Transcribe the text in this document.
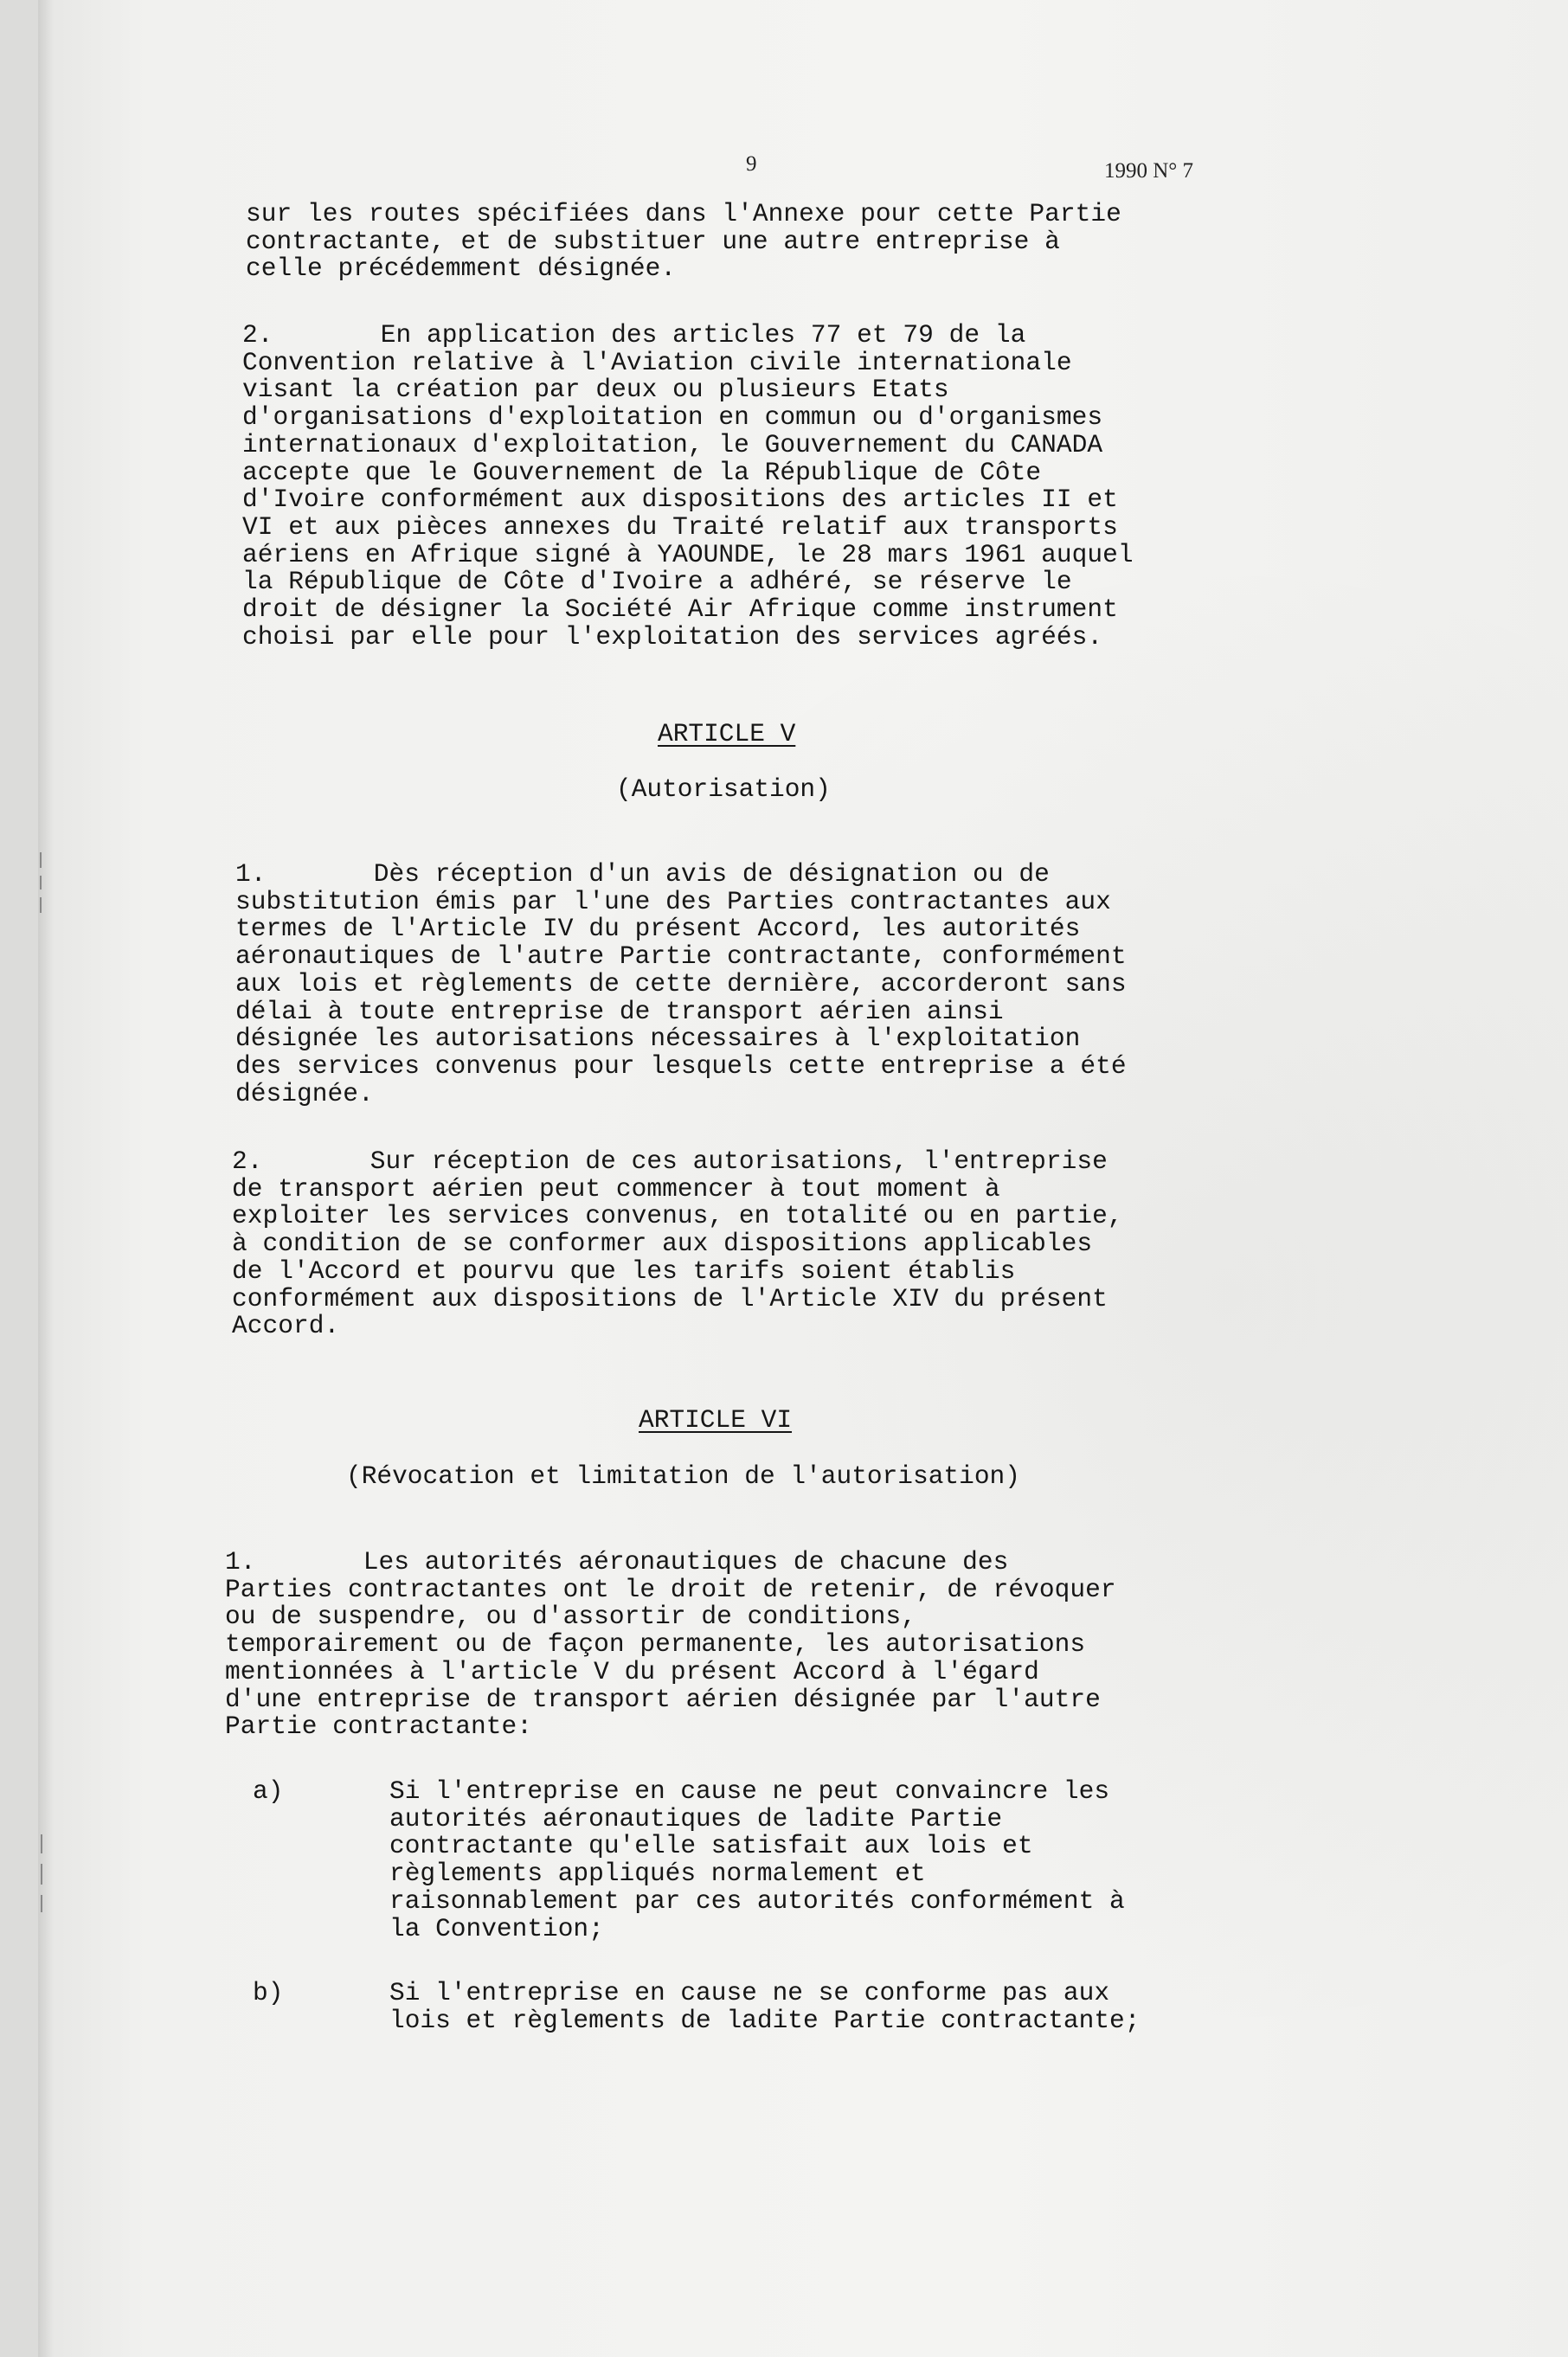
9	1990 N° 7
sur les routes spécifiées dans l'Annexe pour cette Partie
contractante, et de substituer une autre entreprise à
celle précédemment désignée.
2.       En application des articles 77 et 79 de la
Convention relative à l'Aviation civile internationale
visant la création par deux ou plusieurs Etats
d'organisations d'exploitation en commun ou d'organismes
internationaux d'exploitation, le Gouvernement du CANADA
accepte que le Gouvernement de la République de Côte
d'Ivoire conformément aux dispositions des articles II et
VI et aux pièces annexes du Traité relatif aux transports
aériens en Afrique signé à YAOUNDE, le 28 mars 1961 auquel
la République de Côte d'Ivoire a adhéré, se réserve le
droit de désigner la Société Air Afrique comme instrument
choisi par elle pour l'exploitation des services agréés.
ARTICLE V
(Autorisation)
1.       Dès réception d'un avis de désignation ou de
substitution émis par l'une des Parties contractantes aux
termes de l'Article IV du présent Accord, les autorités
aéronautiques de l'autre Partie contractante, conformément
aux lois et règlements de cette dernière, accorderont sans
délai à toute entreprise de transport aérien ainsi
désignée les autorisations nécessaires à l'exploitation
des services convenus pour lesquels cette entreprise a été
désignée.
2.       Sur réception de ces autorisations, l'entreprise
de transport aérien peut commencer à tout moment à
exploiter les services convenus, en totalité ou en partie,
à condition de se conformer aux dispositions applicables
de l'Accord et pourvu que les tarifs soient établis
conformément aux dispositions de l'Article XIV du présent
Accord.
ARTICLE VI
(Révocation et limitation de l'autorisation)
1.       Les autorités aéronautiques de chacune des
Parties contractantes ont le droit de retenir, de révoquer
ou de suspendre, ou d'assortir de conditions,
temporairement ou de façon permanente, les autorisations
mentionnées à l'article V du présent Accord à l'égard
d'une entreprise de transport aérien désignée par l'autre
Partie contractante:
a)	Si l'entreprise en cause ne peut convaincre les
autorités aéronautiques de ladite Partie
contractante qu'elle satisfait aux lois et
règlements appliqués normalement et
raisonnablement par ces autorités conformément à
la Convention;
b)	Si l'entreprise en cause ne se conforme pas aux
lois et règlements de ladite Partie contractante;
